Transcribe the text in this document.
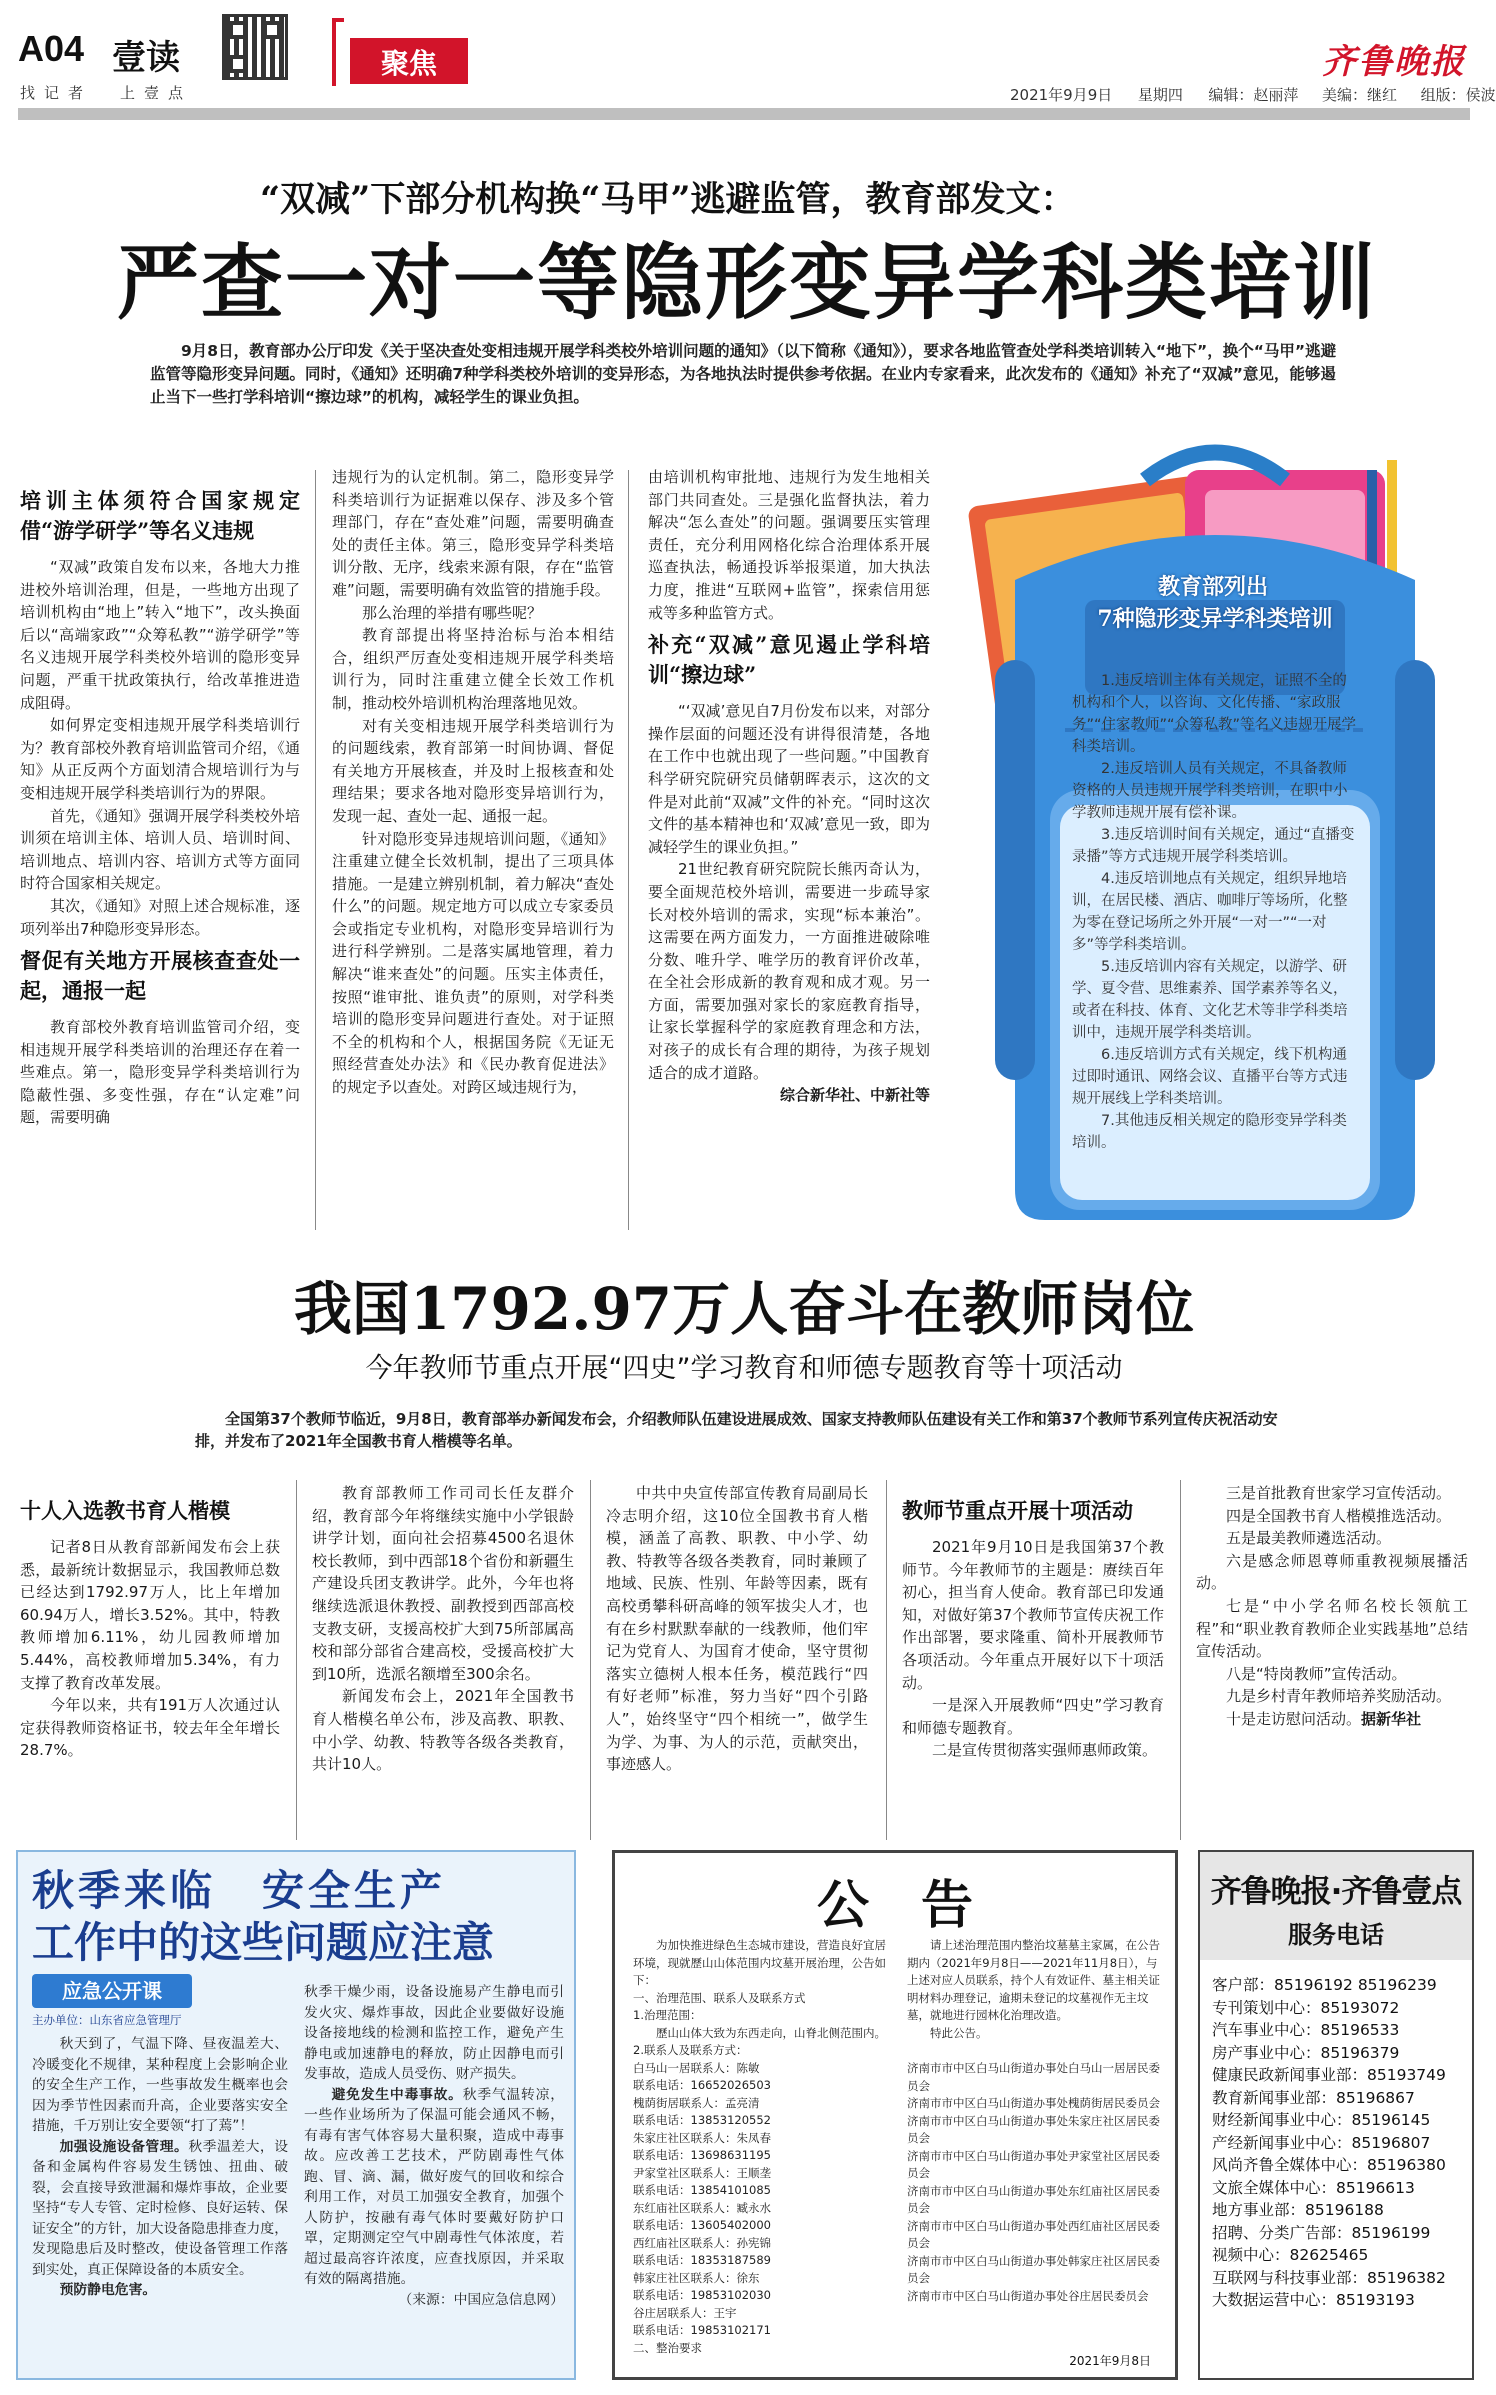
A04 壹读
找记者 上壹点
聚焦	齐鲁晚报
2021年9月9日 星期四 编辑：赵丽萍 美编：继红 组版：侯波
“双减”下部分机构换“马甲”逃避监管，教育部发文：
严查一对一等隐形变异学科类培训
9月8日，教育部办公厅印发《关于坚决查处变相违规开展学科类校外培训问题的通知》（以下简称《通知》），要求各地监管查处学科类培训转入“地下”，换个“马甲”逃避监管等隐形变异问题。同时，《通知》还明确7种学科类校外培训的变异形态，为各地执法时提供参考依据。在业内专家看来，此次发布的《通知》补充了“双减”意见，能够遏止当下一些打学科培训“擦边球”的机构，减轻学生的课业负担。
培训主体须符合国家规定借“游学研学”等名义违规

“双减”政策自发布以来，各地大力推进校外培训治理，但是，一些地方出现了培训机构由“地上”转入“地下”，改头换面后以“高端家政”“众筹私教”“游学研学”等名义违规开展学科类校外培训的隐形变异问题，严重干扰政策执行，给改革推进造成阻碍。

如何界定变相违规开展学科类培训行为？教育部校外教育培训监管司介绍，《通知》从正反两个方面划清合规培训行为与变相违规开展学科类培训行为的界限。

首先，《通知》强调开展学科类校外培训须在培训主体、培训人员、培训时间、培训地点、培训内容、培训方式等方面同时符合国家相关规定。

其次，《通知》对照上述合规标准，逐项列举出7种隐形变异形态。

督促有关地方开展核查查处一起，通报一起

教育部校外教育培训监管司介绍，变相违规开展学科类培训的治理还存在着一些难点。第一，隐形变异学科类培训行为隐蔽性强、多变性强，存在“认定难”问题，需要明确

违规行为的认定机制。第二，隐形变异学科类培训行为证据难以保存、涉及多个管理部门，存在“查处难”问题，需要明确查处的责任主体。第三，隐形变异学科类培训分散、无序，线索来源有限，存在“监管难”问题，需要明确有效监管的措施手段。

那么治理的举措有哪些呢？

教育部提出将坚持治标与治本相结合，组织严厉查处变相违规开展学科类培训行为，同时注重建立健全长效工作机制，推动校外培训机构治理落地见效。

对有关变相违规开展学科类培训行为的问题线索，教育部第一时间协调、督促有关地方开展核查，并及时上报核查和处理结果；要求各地对隐形变异培训行为，发现一起、查处一起、通报一起。

针对隐形变异违规培训问题，《通知》注重建立健全长效机制，提出了三项具体措施。一是建立辨别机制，着力解决“查处什么”的问题。规定地方可以成立专家委员会或指定专业机构，对隐形变异培训行为进行科学辨别。二是落实属地管理，着力解决“谁来查处”的问题。压实主体责任，按照“谁审批、谁负责”的原则，对学科类培训的隐形变异问题进行查处。对于证照不全的机构和个人，根据国务院《无证无照经营查处办法》和《民办教育促进法》的规定予以查处。对跨区域违规行为，

由培训机构审批地、违规行为发生地相关部门共同查处。三是强化监督执法，着力解决“怎么查处”的问题。强调要压实管理责任，充分利用网格化综合治理体系开展巡查执法，畅通投诉举报渠道，加大执法力度，推进“互联网+监管”，探索信用惩戒等多种监管方式。

补充“双减”意见遏止学科培训“擦边球”

“‘双减’意见自7月份发布以来，对部分操作层面的问题还没有讲得很清楚，各地在工作中也就出现了一些问题。”中国教育科学研究院研究员储朝晖表示，这次的文件是对此前“双减”文件的补充。“同时这次文件的基本精神也和‘双减’意见一致，即为减轻学生的课业负担。”

21世纪教育研究院院长熊丙奇认为，要全面规范校外培训，需要进一步疏导家长对校外培训的需求，实现“标本兼治”。这需要在两方面发力，一方面推进破除唯分数、唯升学、唯学历的教育评价改革，在全社会形成新的教育观和成才观。另一方面，需要加强对家长的家庭教育指导，让家长掌握科学的家庭教育理念和方法，对孩子的成长有合理的期待，为孩子规划适合的成才道路。

综合新华社、中新社等
教育部列出
7种隐形变异学科类培训

1.违反培训主体有关规定，证照不全的机构和个人，以咨询、文化传播、“家政服务”“住家教师”“众筹私教”等名义违规开展学科类培训。

2.违反培训人员有关规定，不具备教师资格的人员违规开展学科类培训，在职中小学教师违规开展有偿补课。

3.违反培训时间有关规定，通过“直播变录播”等方式违规开展学科类培训。

4.违反培训地点有关规定，组织异地培训，在居民楼、酒店、咖啡厅等场所，化整为零在登记场所之外开展“一对一”“一对多”等学科类培训。

5.违反培训内容有关规定，以游学、研学、夏令营、思维素养、国学素养等名义，或者在科技、体育、文化艺术等非学科类培训中，违规开展学科类培训。

6.违反培训方式有关规定，线下机构通过即时通讯、网络会议、直播平台等方式违规开展线上学科类培训。

7.其他违反相关规定的隐形变异学科类培训。

我国1792.97万人奋斗在教师岗位
今年教师节重点开展“四史”学习教育和师德专题教育等十项活动
全国第37个教师节临近，9月8日，教育部举办新闻发布会，介绍教师队伍建设进展成效、国家支持教师队伍建设有关工作和第37个教师节系列宣传庆祝活动安排，并发布了2021年全国教书育人楷模等名单。
十人入选教书育人楷模

记者8日从教育部新闻发布会上获悉，最新统计数据显示，我国教师总数已经达到1792.97万人，比上年增加60.94万人，增长3.52%。其中，特教教师增加6.11%，幼儿园教师增加5.44%，高校教师增加5.34%，有力支撑了教育改革发展。

今年以来，共有191万人次通过认定获得教师资格证书，较去年全年增长28.7%。

教育部教师工作司司长任友群介绍，教育部今年将继续实施中小学银龄讲学计划，面向社会招募4500名退休校长教师，到中西部18个省份和新疆生产建设兵团支教讲学。此外，今年也将继续选派退休教授、副教授到西部高校支教支研，支援高校扩大到75所部属高校和部分部省合建高校，受援高校扩大到10所，选派名额增至300余名。

新闻发布会上，2021年全国教书育人楷模名单公布，涉及高教、职教、中小学、幼教、特教等各级各类教育，共计10人。

中共中央宣传部宣传教育局副局长冷志明介绍，这10位全国教书育人楷模，涵盖了高教、职教、中小学、幼教、特教等各级各类教育，同时兼顾了地域、民族、性别、年龄等因素，既有高校勇攀科研高峰的领军拔尖人才，也有在乡村默默奉献的一线教师，他们牢记为党育人、为国育才使命，坚守贯彻落实立德树人根本任务，模范践行“四有好老师”标准，努力当好“四个引路人”，始终坚守“四个相统一”，做学生为学、为事、为人的示范，贡献突出，事迹感人。

教师节重点开展十项活动

2021年9月10日是我国第37个教师节。今年教师节的主题是：赓续百年初心，担当育人使命。教育部已印发通知，对做好第37个教师节宣传庆祝工作作出部署，要求隆重、简朴开展教师节各项活动。今年重点开展好以下十项活动。

一是深入开展教师“四史”学习教育和师德专题教育。

二是宣传贯彻落实强师惠师政策。

三是首批教育世家学习宣传活动。

四是全国教书育人楷模推选活动。

五是最美教师遴选活动。

六是感念师恩尊师重教视频展播活动。

七是“中小学名师名校长领航工程”和“职业教育教师企业实践基地”总结宣传活动。

八是“特岗教师”宣传活动。

九是乡村青年教师培养奖励活动。

十是走访慰问活动。据新华社

秋季来临　安全生产
工作中的这些问题应注意
应急公开课
主办单位：山东省应急管理厅

秋天到了，气温下降、昼夜温差大、冷暖变化不规律，某种程度上会影响企业的安全生产工作，一些事故发生概率也会因为季节性因素而升高，企业要落实安全措施，千万别让安全要领“打了蔫”！

加强设施设备管理。秋季温差大，设备和金属构件容易发生锈蚀、扭曲、破裂，会直接导致泄漏和爆炸事故，企业要坚持“专人专管、定时检修、良好运转、保证安全”的方针，加大设备隐患排查力度，发现隐患后及时整改，使设备管理工作落到实处，真正保障设备的本质安全。

预防静电危害。

秋季干燥少雨，设备设施易产生静电而引发火灾、爆炸事故，因此企业要做好设施设备接地线的检测和监控工作，避免产生静电或加速静电的释放，防止因静电而引发事故，造成人员受伤、财产损失。

避免发生中毒事故。秋季气温转凉，一些作业场所为了保温可能会通风不畅，有毒有害气体容易大量积聚，造成中毒事故。应改善工艺技术，严防剧毒性气体跑、冒、滴、漏，做好废气的回收和综合利用工作，对员工加强安全教育，加强个人防护，按融有毒气体时要戴好防护口罩，定期测定空气中剧毒性气体浓度，若超过最高容许浓度，应查找原因，并采取有效的隔离措施。

（来源：中国应急信息网）

公　告

为加快推进绿色生态城市建设，营造良好宜居环境，现就歷山山体范围内坟墓开展治理，公告如下：

一、治理范围、联系人及联系方式

1.治理范围：

歷山山体大致为东西走向，山脊北侧范围内。

2.联系人及联系方式：

白马山一居联系人：陈敏

联系电话：16652026503

槐荫街居联系人：孟亮清

联系电话：13853120552

朱家庄社区联系人：朱凤春

联系电话：13698631195

尹家堂社区联系人：王顺垄

联系电话：13854101085

东红庙社区联系人：臧永水

联系电话：13605402000

西红庙社区联系人：孙宪锦

联系电话：18353187589

韩家庄社区联系人：徐东

联系电话：19853102030

谷庄居联系人：王宇

联系电话：19853102171

二、整治要求

请上述治理范围内整治坟墓墓主家属，在公告期内（2021年9月8日——2021年11月8日），与上述对应人员联系，持个人有效证件、墓主相关证明材料办理登记，逾期未登记的坟墓视作无主坟墓，就地进行园林化治理改造。

特此公告。

济南市市中区白马山街道办事处白马山一居居民委员会

济南市市中区白马山街道办事处槐荫街居民委员会

济南市市中区白马山街道办事处朱家庄社区居民委员会

济南市市中区白马山街道办事处尹家堂社区居民委员会

济南市市中区白马山街道办事处东红庙社区居民委员会

济南市市中区白马山街道办事处西红庙社区居民委员会

济南市市中区白马山街道办事处韩家庄社区居民委员会

济南市市中区白马山街道办事处谷庄居民委员会

2021年9月8日
齐鲁晚报·齐鲁壹点
服务电话
客户部：85196192 85196239
专刊策划中心：85193072
汽车事业中心：85196533
房产事业中心：85196379
健康民政新闻事业部：85193749
教育新闻事业部：85196867
财经新闻事业中心：85196145
产经新闻事业中心：85196807
风尚齐鲁全媒体中心：85196380
文旅全媒体中心：85196613
地方事业部：85196188
招聘、分类广告部：85196199
视频中心：82625465
互联网与科技事业部：85196382
大数据运营中心：85193193
